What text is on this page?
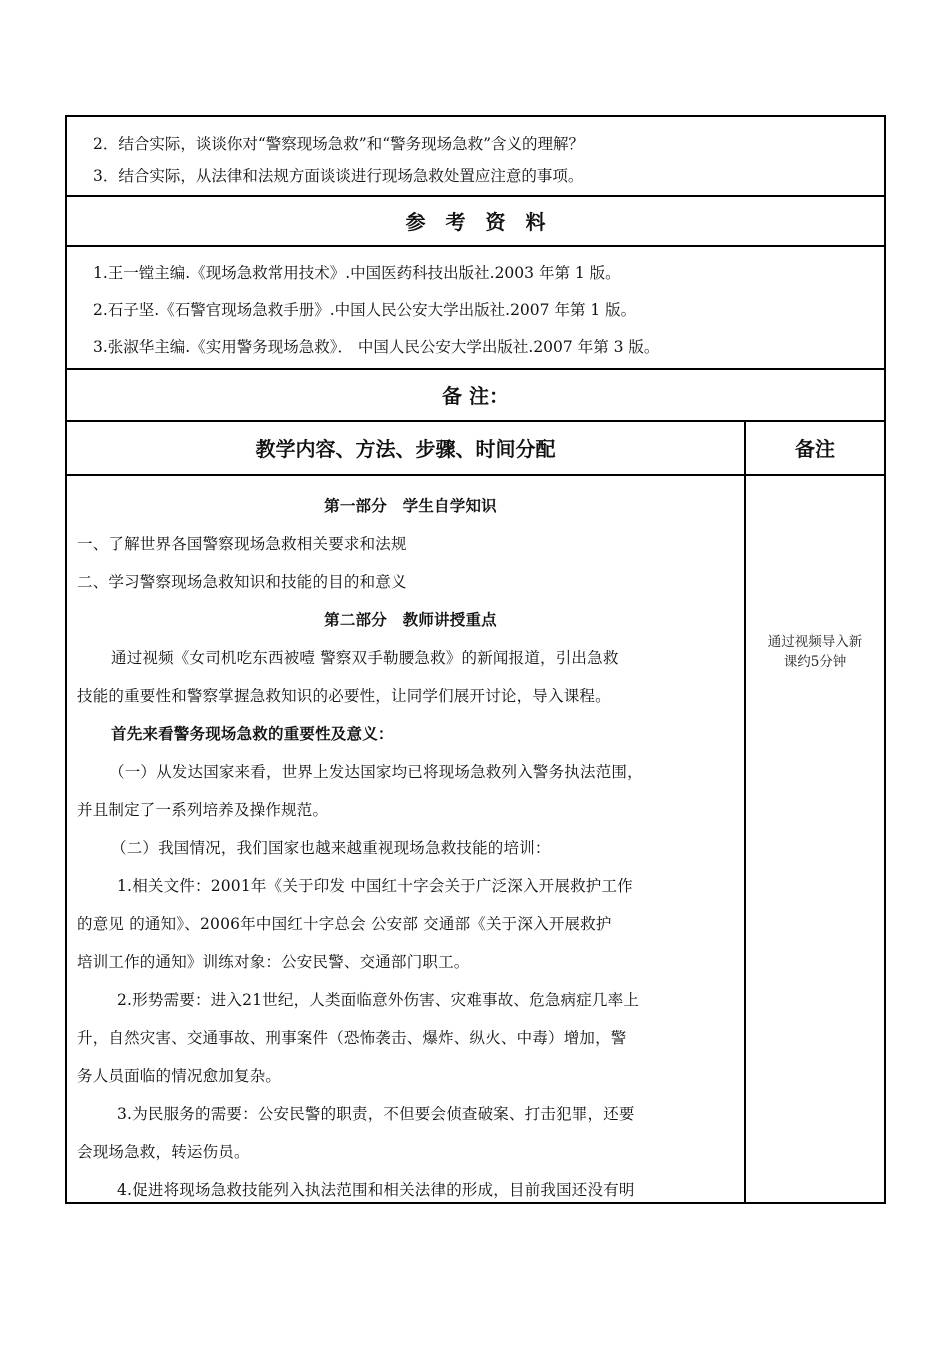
2．结合实际，谈谈你对“警察现场急救”和“警务现场急救”含义的理解？
3．结合实际，从法律和法规方面谈谈进行现场急救处置应注意的事项。
参　考　资　料
1.王一镗主编.《现场急救常用技术》.中国医药科技出版社.2003 年第 1 版。
2.石子坚.《石警官现场急救手册》.中国人民公安大学出版社.2007 年第 1 版。
3.张淑华主编.《实用警务现场急救》． 中国人民公安大学出版社.2007 年第 3 版。
备 注：
教学内容、方法、步骤、时间分配	备注
第一部分　学生自学知识
一、了解世界各国警察现场急救相关要求和法规
二、学习警察现场急救知识和技能的目的和意义
第二部分　教师讲授重点
通过视频《女司机吃东西被噎 警察双手勒腰急救》的新闻报道，引出急救
技能的重要性和警察掌握急救知识的必要性，让同学们展开讨论，导入课程。
首先来看警务现场急救的重要性及意义：
（一）从发达国家来看，世界上发达国家均已将现场急救列入警务执法范围，
并且制定了一系列培养及操作规范。
（二）我国情况，我们国家也越来越重视现场急救技能的培训：
1.相关文件：2001年《关于印发 中国红十字会关于广泛深入开展救护工作
的意见 的通知》、2006年中国红十字总会 公安部 交通部《关于深入开展救护
培训工作的通知》训练对象：公安民警、交通部门职工。
2.形势需要：进入21世纪，人类面临意外伤害、灾难事故、危急病症几率上
升，自然灾害、交通事故、刑事案件（恐怖袭击、爆炸、纵火、中毒）增加，警
务人员面临的情况愈加复杂。
3.为民服务的需要：公安民警的职责，不但要会侦查破案、打击犯罪，还要
会现场急救，转运伤员。
4.促进将现场急救技能列入执法范围和相关法律的形成，目前我国还没有明
通过视频导入新
课约5分钟
